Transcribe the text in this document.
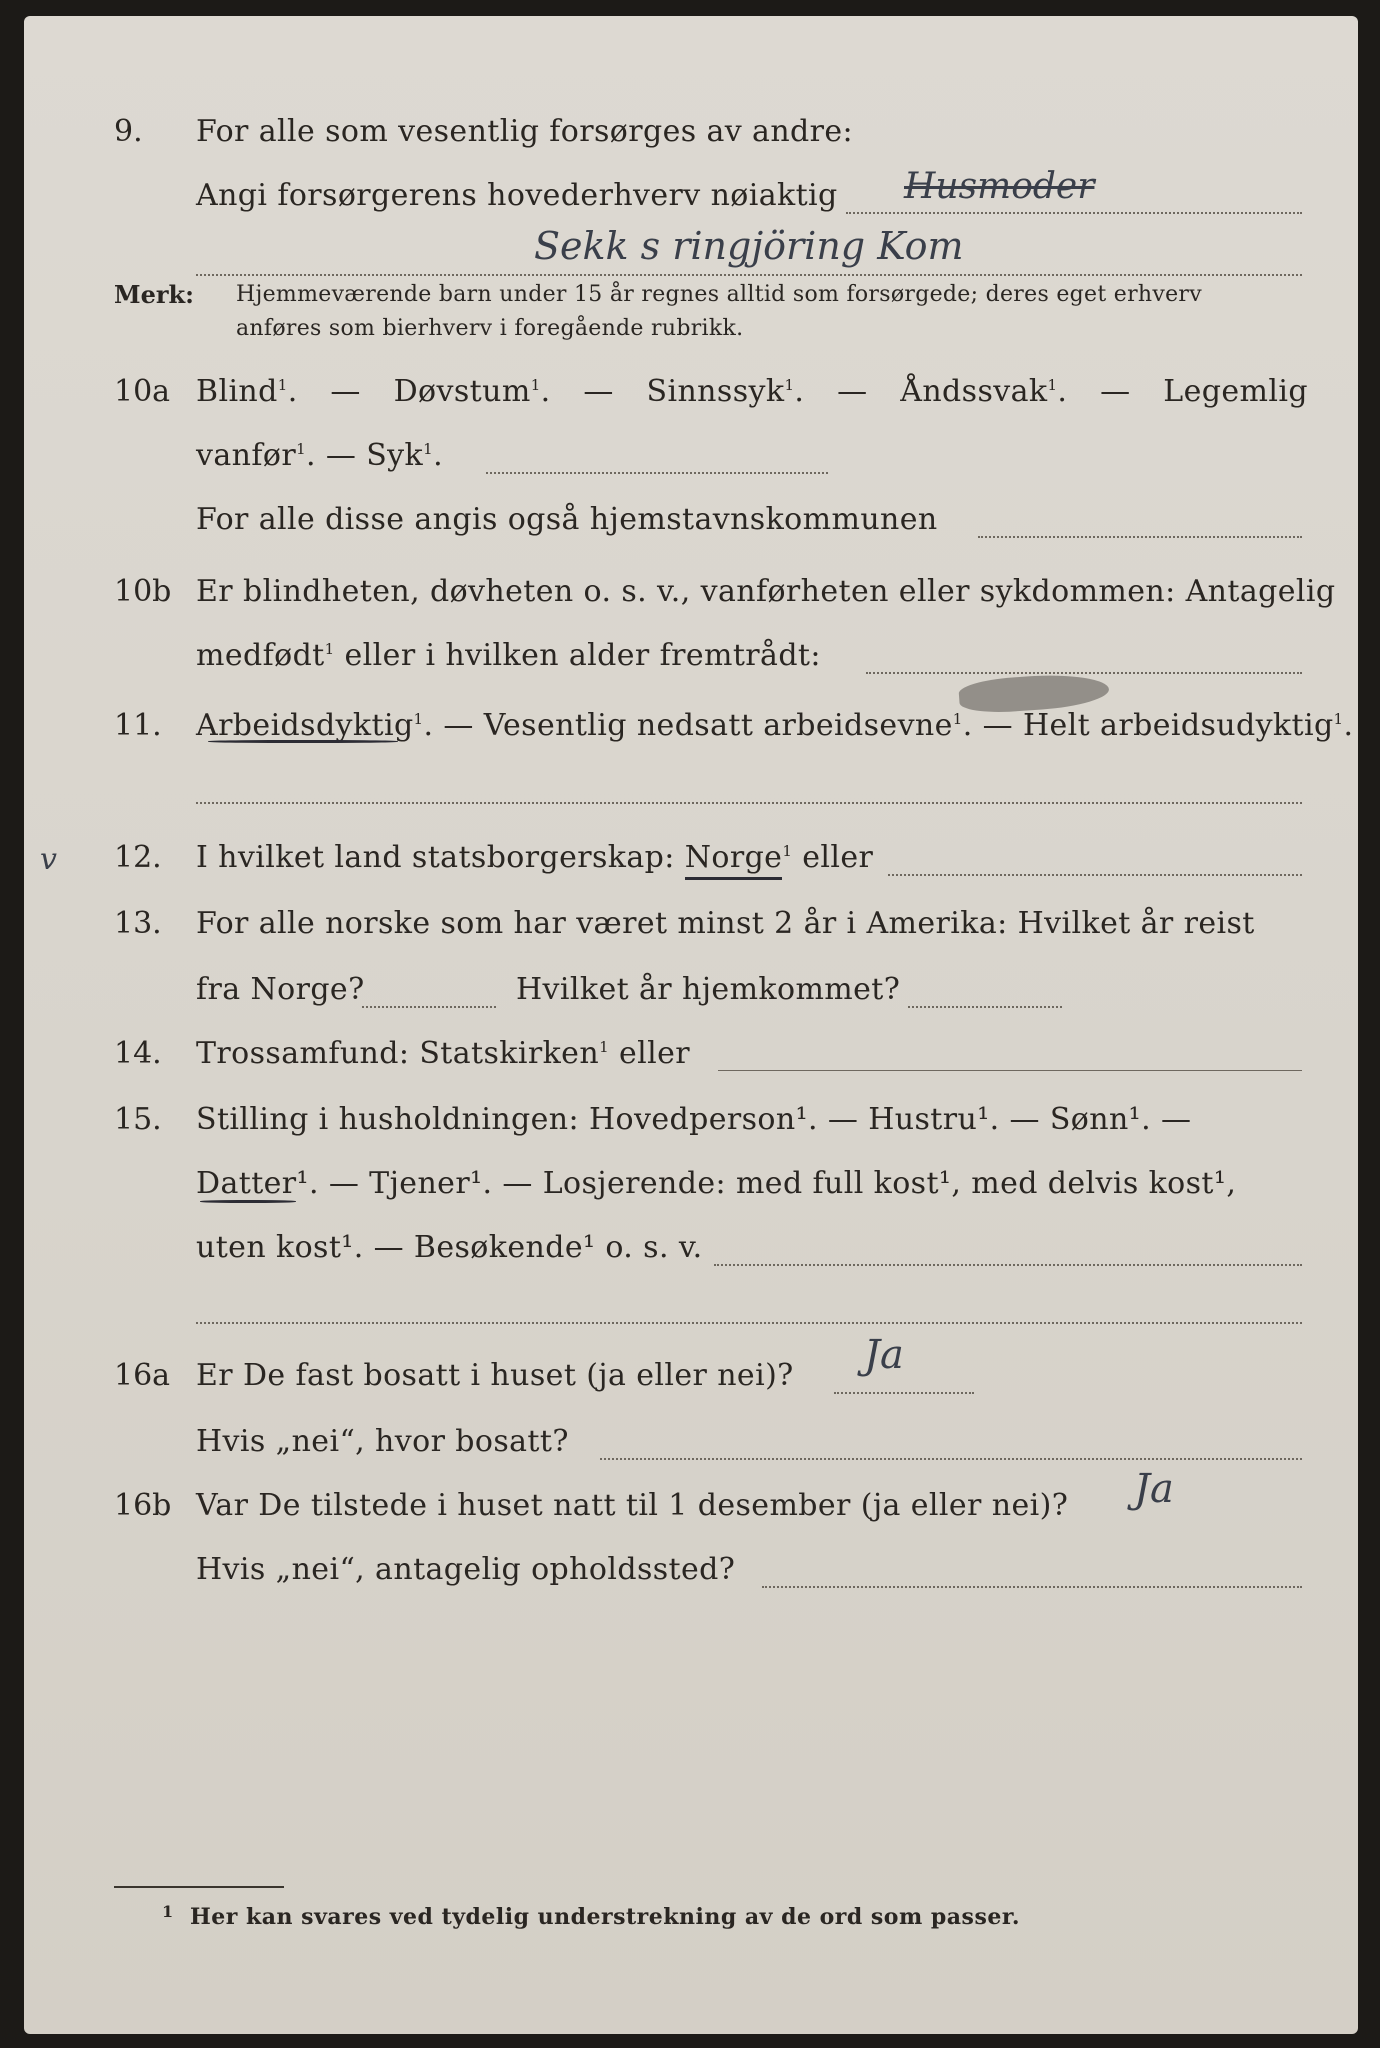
9.	For alle som vesentlig forsørges av andre:
Angi forsørgerens hovederhverv nøiaktig Husmoder
Sekk s ringjöring Kom
Merk: Hjemmeværende barn under 15 år regnes alltid som forsørgede; deres eget erhverv
anføres som bierhverv i foregående rubrikk.
10a Blind$^1$. — Døvstum$^1$. — Sinnssyk$^1$. — Åndssvak$^1$. — Legemlig
vanfør$^1$. — Syk$^1$.
For alle disse angis også hjemstavnskommunen
10b Er blindheten, døvheten o. s. v., vanførheten eller sykdommen: Antagelig
medfødt$^1$ eller i hvilken alder fremtrådt:
11.	Arbeidsdyktig$^1$. — Vesentlig nedsatt arbeidsevne$^1$. — Helt arbeidsudyktig$^1$.
v 12.	I hvilket land statsborgerskap: Norge$^1$ eller
13.	For alle norske som har været minst 2 år i Amerika: Hvilket år reist
fra Norge?	Hvilket år hjemkommet?
14.	Trossamfund: Statskirken$^1$ eller
15.	Stilling i husholdningen: Hovedperson¹. — Hustru¹. — Sønn¹. —
Datter¹. — Tjener¹. — Losjerende: med full kost¹, med delvis kost¹,
uten kost¹. — Besøkende¹ o. s. v.
16a Er De fast bosatt i huset (ja eller nei)? Ja
Hvis „nei“, hvor bosatt?
16b Var De tilstede i huset natt til 1 desember (ja eller nei)? Ja
Hvis „nei“, antagelig opholdssted?
1 Her kan svares ved tydelig understrekning av de ord som passer.
